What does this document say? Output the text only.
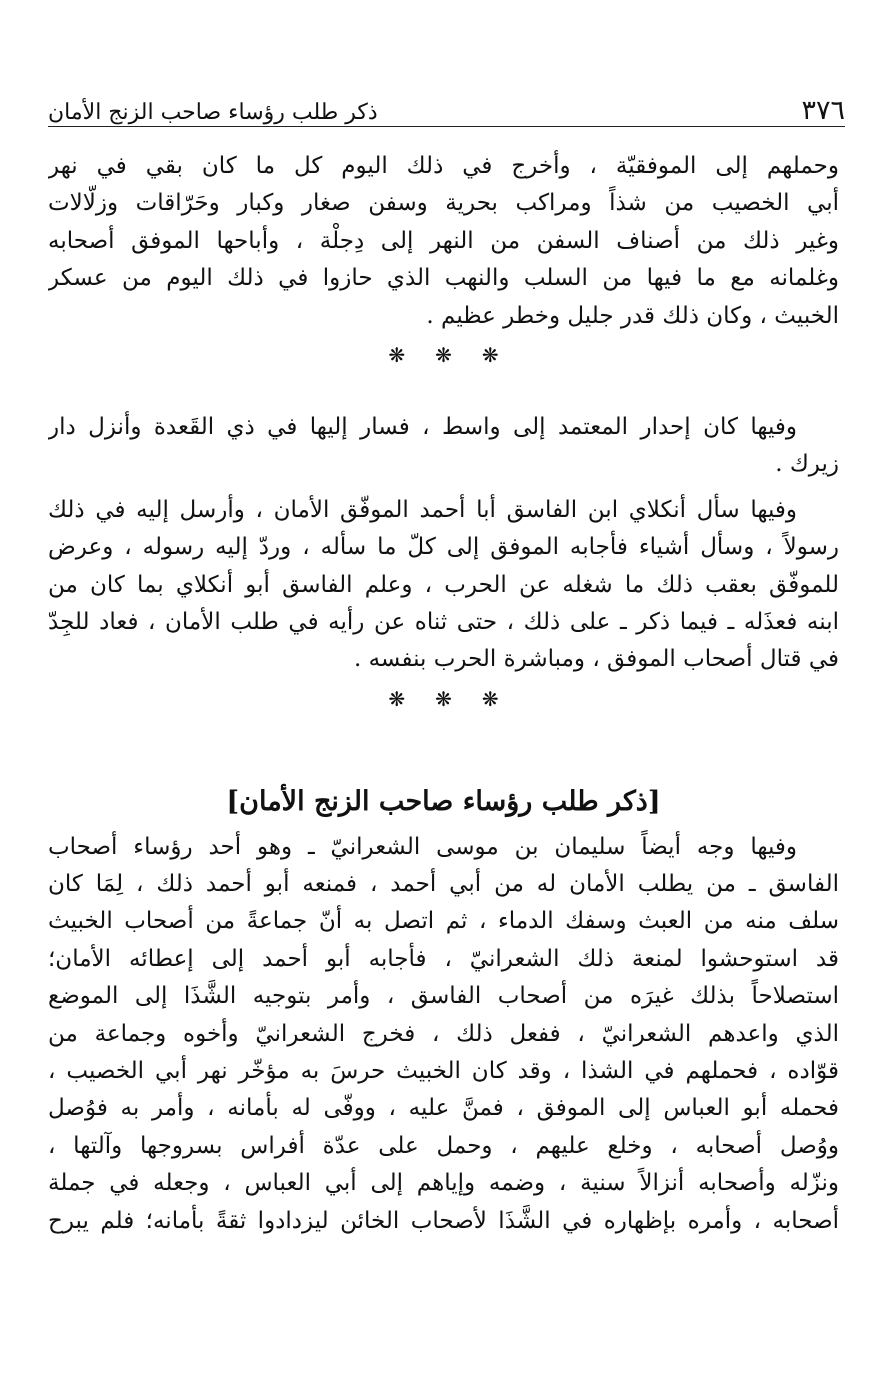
٣٧٦
ذكر طلب رؤساء صاحب الزنج الأمان
وحملهم إلى الموفقيّة ، وأخرج في ذلك اليوم كل ما كان بقي في نهر
أبي الخصيب من شذاً ومراكب بحرية وسفن صغار وكبار وحَرّاقات وزلّالات
وغير ذلك من أصناف السفن من النهر إلى دِجلْة ، وأباحها الموفق أصحابه
وغلمانه مع ما فيها من السلب والنهب الذي حازوا في ذلك اليوم من عسكر
الخبيث ، وكان ذلك قدر جليل وخطر عظيم .
❋
❋
❋
وفيها كان إحدار المعتمد إلى واسط ، فسار إليها في ذي القَعدة وأنزل دار
زيرك .
وفيها سأل أنكلاي ابن الفاسق أبا أحمد الموفّق الأمان ، وأرسل إليه في ذلك
رسولاً ، وسأل أشياء فأجابه الموفق إلى كلّ ما سأله ، وردّ إليه رسوله ، وعرض
للموفّق بعقب ذلك ما شغله عن الحرب ، وعلم الفاسق أبو أنكلاي بما كان من
ابنه فعذَله ـ فيما ذكر ـ على ذلك ، حتى ثناه عن رأيه في طلب الأمان ، فعاد للجِدّ
في قتال أصحاب الموفق ، ومباشرة الحرب بنفسه .
❋
❋
❋
[ذكر طلب رؤساء صاحب الزنج الأمان]
وفيها وجه أيضاً سليمان بن موسى الشعرانيّ ـ وهو أحد رؤساء أصحاب
الفاسق ـ من يطلب الأمان له من أبي أحمد ، فمنعه أبو أحمد ذلك ، لِمَا كان
سلف منه من العبث وسفك الدماء ، ثم اتصل به أنّ جماعةً من أصحاب الخبيث
قد استوحشوا لمنعة ذلك الشعرانيّ ، فأجابه أبو أحمد إلى إعطائه الأمان؛
استصلاحاً بذلك غيرَه من أصحاب الفاسق ، وأمر بتوجيه الشَّذَا إلى الموضع
الذي واعدهم الشعرانيّ ، ففعل ذلك ، فخرج الشعرانيّ وأخوه وجماعة من
قوّاده ، فحملهم في الشذا ، وقد كان الخبيث حرسَ به مؤخّر نهر أبي الخصيب ،
فحمله أبو العباس إلى الموفق ، فمنَّ عليه ، ووفّى له بأمانه ، وأمر به فوُصل
ووُصل أصحابه ، وخلع عليهم ، وحمل على عدّة أفراس بسروجها وآلتها ،
ونزّله وأصحابه أنزالاً سنية ، وضمه وإياهم إلى أبي العباس ، وجعله في جملة
أصحابه ، وأمره بإظهاره في الشَّذَا لأصحاب الخائن ليزدادوا ثقةً بأمانه؛ فلم يبرح
